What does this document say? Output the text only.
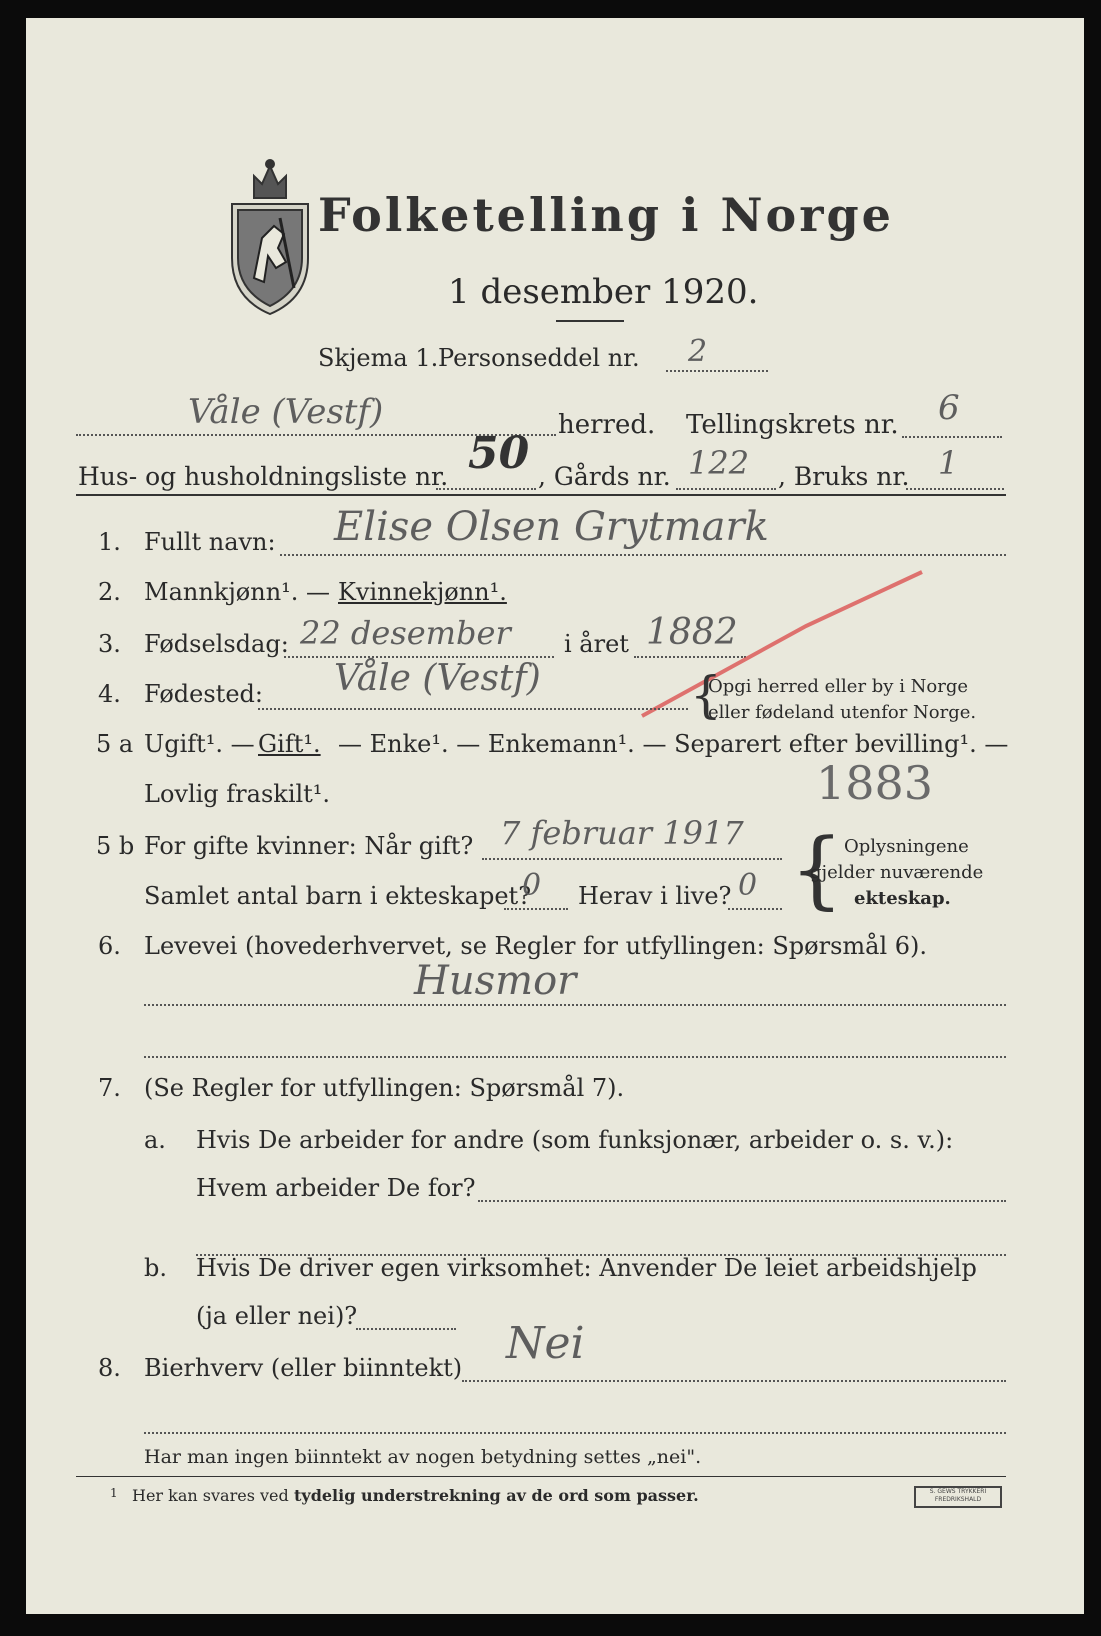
Folketelling i Norge
1 desember 1920.
Skjema 1. Personseddel nr. 2
Våle (Vestf)	herred. Tellingskrets nr. 6
Hus- og husholdningsliste nr. 50 , Gårds nr. 122 , Bruks nr. 1
1. Fullt navn: Elise Olsen Grytmark
2. Mannkjønn¹. — Kvinnekjønn¹.
3. Fødselsdag: 22 desember i året 1882
4. Fødested: Våle (Vestf)	{
Opgi herred eller by i Norge
eller fødeland utenfor Norge.
5 a Ugift¹. — Gift¹. — Enke¹. — Enkemann¹. — Separert efter bevilling¹. —
Lovlig fraskilt¹.	1883
5 b For gifte kvinner: Når gift? 7 februar 1917
Samlet antal barn i ekteskapet?
0 Herav i live? 0 { Oplysningene
gjelder nuværende
ekteskap.
6. Levevei (hovederhvervet, se Regler for utfyllingen: Spørsmål 6).
Husmor
7. (Se Regler for utfyllingen: Spørsmål 7).
a. Hvis De arbeider for andre (som funksjonær, arbeider o. s. v.):
Hvem arbeider De for?
b. Hvis De driver egen virksomhet: Anvender De leiet arbeidshjelp
(ja eller nei)?
8. Bierhverv (eller biinntekt) Nei
Har man ingen biinntekt av nogen betydning settes „nei".
1 Her kan svares ved tydelig understrekning av de ord som passer.	S. GEWS TRYKKERI FREDRIKSHALD
